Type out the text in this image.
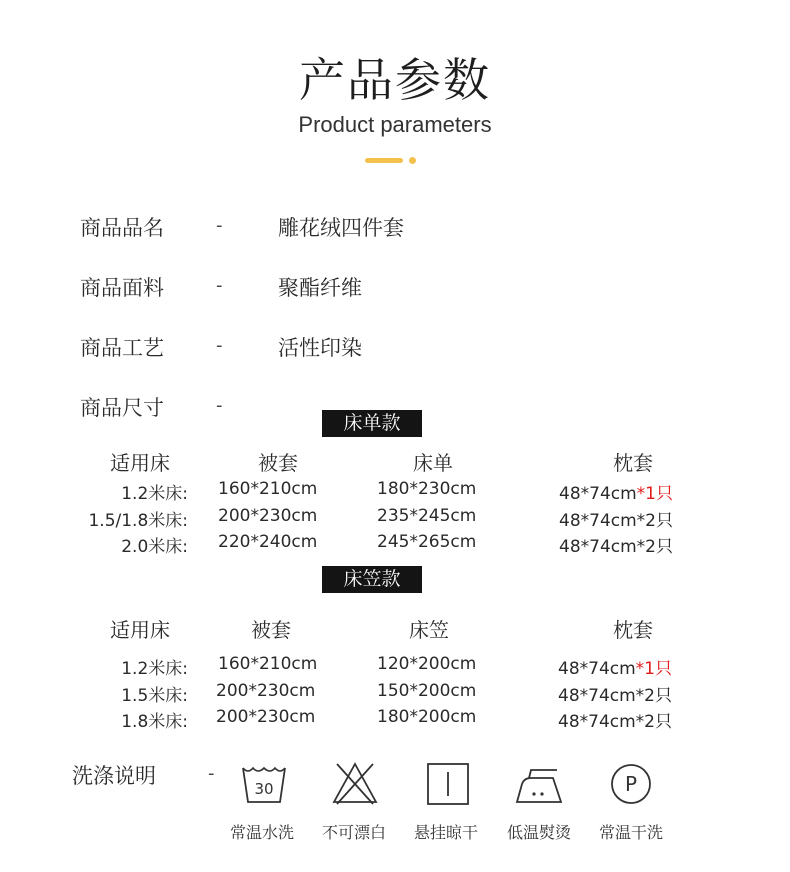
产品参数
Product parameters
商品品名	-	雕花绒四件套
商品面料	-	聚酯纤维
商品工艺	-	活性印染
商品尺寸	-
床单款
适用床	被套	床单	枕套
1.2米床: 160*210cm	180*230cm	48*74cm*1只
1.5/1.8米床: 200*230cm	235*245cm	48*74cm*2只
2.0米床: 220*240cm	245*265cm	48*74cm*2只
床笠款
适用床	被套	床笠	枕套
1.2米床: 160*210cm	120*200cm	48*74cm*1只
1.5米床: 200*230cm	150*200cm	48*74cm*2只
1.8米床: 200*230cm	180*200cm	48*74cm*2只
洗涤说明	-
30	P
常温水洗 不可漂白 悬挂晾干 低温熨烫 常温干洗
